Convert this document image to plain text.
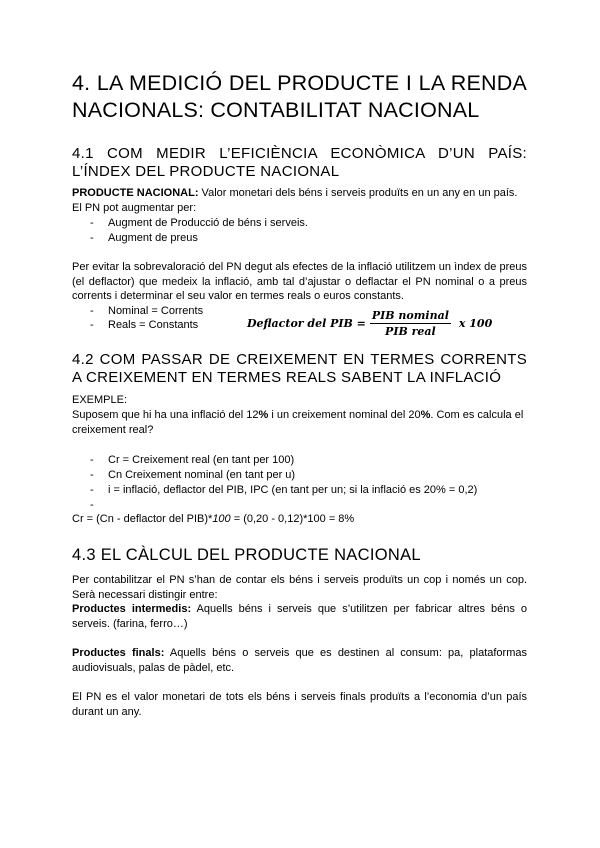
4. LA MEDICIÓ DEL PRODUCTE I LA RENDA NACIONALS: CONTABILITAT NACIONAL
4.1 COM MEDIR L’EFICIÈNCIA ECONÒMICA D’UN PAÍS: L’ÍNDEX DEL PRODUCTE NACIONAL

PRODUCTE NACIONAL: Valor monetari dels béns i serveis produïts en un any en un país.

El PN pot augmentar per:

- Augment de Producció de béns i serveis.
- Augment de preus

Per evitar la sobrevaloració del PN degut als efectes de la inflació utilitzem un ìndex de preus (el deflactor) que medeix la inflació, amb tal d’ajustar o deflactar el PN nominal o a preus corrents i determinar el seu valor en termes reals o euros constants.

- Nominal = Corrents
- Reals = Constants	Deflactor del PIB = $\frac{\text{PIB nominal}}{\text{PIB real}}$ x 100
4.2 COM PASSAR DE CREIXEMENT EN TERMES CORRENTS A CREIXEMENT EN TERMES REALS SABENT LA INFLACIÓ

EXEMPLE:

Suposem que hi ha una inflació del 12% i un creixement nominal del 20%. Com es calcula el creixement real?

- Cr = Creixement real (en tant per 100)
- Cn Creixement nominal (en tant per u)
- i = inflació, deflactor del PIB, IPC (en tant per un; si la inflació es 20% = 0,2)
-

Cr = (Cn - deflactor del PIB)*100 = (0,20 - 0,12)*100 = 8%

4.3 EL CÀLCUL DEL PRODUCTE NACIONAL

Per contabilitzar el PN s’han de contar els béns i serveis produïts un cop i només un cop. Serà necessari distingir entre:

Productes intermedis: Aquells béns i serveis que s’utilitzen per fabricar altres béns o serveis. (farina, ferro…)

Productes finals: Aquells béns o serveis que es destinen al consum: pa, plataformas audiovisuals, palas de pàdel, etc.

El PN es el valor monetari de tots els béns i serveis finals produïts a l’economia d’un país durant un any.
